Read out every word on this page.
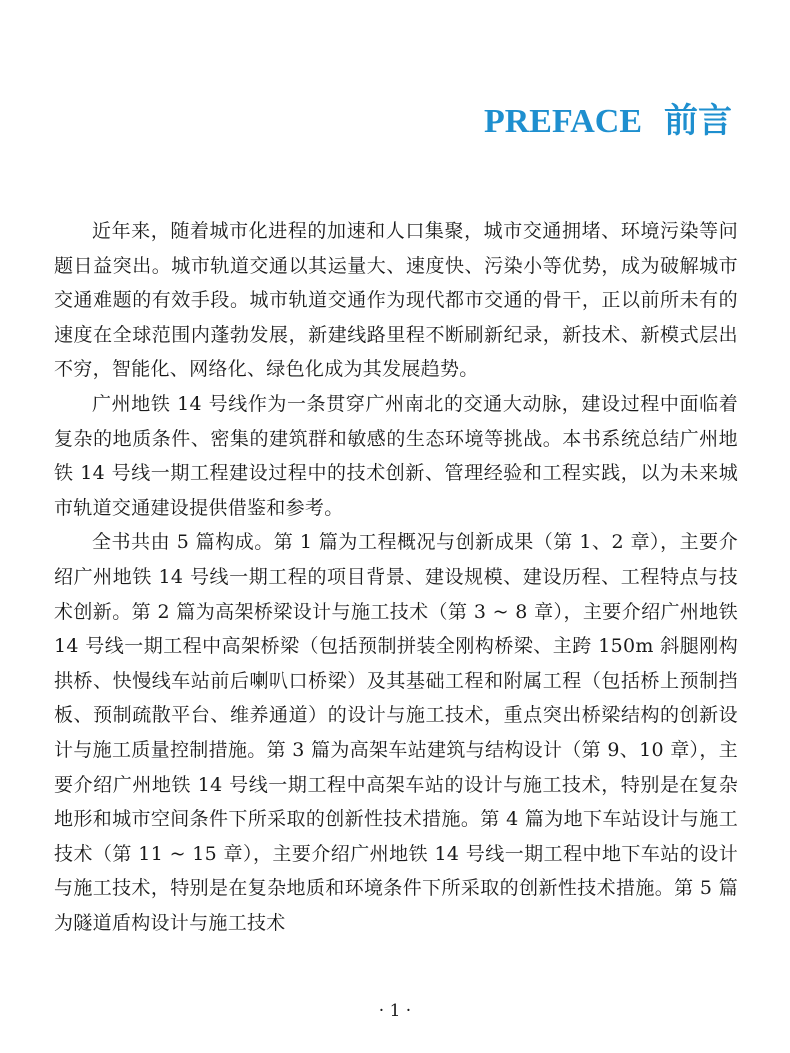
PREFACE 前言

近年来，随着城市化进程的加速和人口集聚，城市交通拥堵、环境污染等问题日益突出。城市轨道交通以其运量大、速度快、污染小等优势，成为破解城市交通难题的有效手段。城市轨道交通作为现代都市交通的骨干，正以前所未有的速度在全球范围内蓬勃发展，新建线路里程不断刷新纪录，新技术、新模式层出不穷，智能化、网络化、绿色化成为其发展趋势。

广州地铁 14 号线作为一条贯穿广州南北的交通大动脉，建设过程中面临着复杂的地质条件、密集的建筑群和敏感的生态环境等挑战。本书系统总结广州地铁 14 号线一期工程建设过程中的技术创新、管理经验和工程实践，以为未来城市轨道交通建设提供借鉴和参考。

全书共由 5 篇构成。第 1 篇为工程概况与创新成果（第 1、2 章），主要介绍广州地铁 14 号线一期工程的项目背景、建设规模、建设历程、工程特点与技术创新。第 2 篇为高架桥梁设计与施工技术（第 3 ~ 8 章），主要介绍广州地铁 14 号线一期工程中高架桥梁（包括预制拼装全刚构桥梁、主跨 150m 斜腿刚构拱桥、快慢线车站前后喇叭口桥梁）及其基础工程和附属工程（包括桥上预制挡板、预制疏散平台、维养通道）的设计与施工技术，重点突出桥梁结构的创新设计与施工质量控制措施。第 3 篇为高架车站建筑与结构设计（第 9、10 章），主要介绍广州地铁 14 号线一期工程中高架车站的设计与施工技术，特别是在复杂地形和城市空间条件下所采取的创新性技术措施。第 4 篇为地下车站设计与施工技术（第 11 ~ 15 章），主要介绍广州地铁 14 号线一期工程中地下车站的设计与施工技术，特别是在复杂地质和环境条件下所采取的创新性技术措施。第 5 篇为隧道盾构设计与施工技术

· 1 ·
